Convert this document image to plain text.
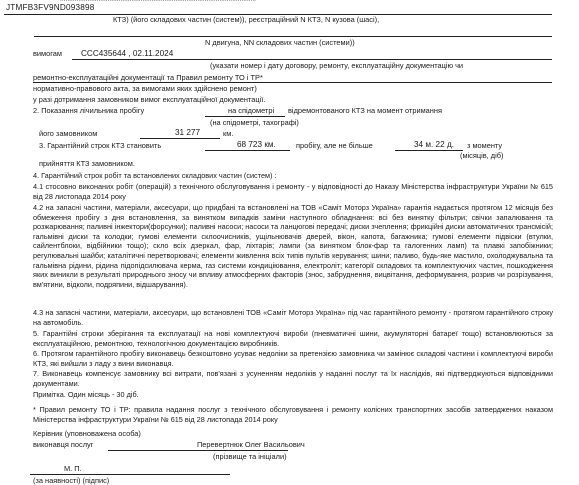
JTMFB3FV9ND093898
КТЗ) (його складових частин (систем)), реєстраційний N КТЗ, N кузова (шасі),
N двигуна, NN складових частин (системи))
вимогам CCC435644 , 02.11.2024
(указати номер і дату договору, ремонту, експлуатаційну документацію чи
ремонтно-експлуатаційні документації та Правил ремонту ТО і ТР*
нормативно-правового акта, за вимогами яких здійснено ремонт)
у разі дотримання замовником вимог експлуатаційної документації.
2. Показання лічильника пробігу	на спідометрі відремонтованого КТЗ на момент отримання
(на спідометрі, тахографі)
його замовником	31 277	км.
3. Гарантійний строк КТЗ становить	68 723 км.	пробігу, але не більше	34 м. 22 д. з моменту
(місяців, діб)
прийняття КТЗ замовником.
4. Гарантійний строк робіт та встановлених складових частин (систем) :
4.1 стосовно виконаних робіт (операцій) з технічного обслуговування і ремонту - у відповідності до Наказу Міністерства інфраструктури України № 615 від 28 листопада 2014 року
4.2 на запасні частини, матеріали, аксесуари, що придбані та встановлені на ТОВ «Саміт Моторз Україна» гарантія надається протягом 12 місяців без обмеження пробігу з дня встановлення, за винятком випадків заміни наступного обладнання: всі без винятку фільтри; свічки запалювання та розжарювання; паливні інжектори(форсунки); паливні насоси; насоси та ланцюгові передачі; диски зчеплення; фрикційні диски автоматичних трансмісій; гальмівні диски та колодки; гумові елементи склоочисників, ущільнювачів дверей, вікон, капота, багажника; гумові елементи підвіски (втулки, сайлентблоки, відбійники тощо); скло всіх дзеркал, фар, ліхтарів; лампи (за винятком блок-фар та галогенних ламп) та плавкі запобіжники; регулювальні шайби; каталітичні перетворювачі; елементи живлення всіх типів пультів керування; шини; паливо, будь-яке мастило, охолоджувальна та гальмівна рідини, рідина підопідсилювача керма, газ системи кондиціювання, електроліт; категорії складових та комплектуючих частин, пошкодження яких виникли в результаті природнього зносу чи впливу атмосферних факторів (знос, забруднення, вицвітання, деформування, розрив чи розрізування, вм'ятини, відколи, подряпини, відшарування).
4.3 на запасні частини, матеріали, аксесуари, що встановлені ТОВ «Саміт Моторз Україна» під час гарантійного ремонту - протягом гарантійного строку на автомобіль.
5. Гарантійні строки зберігання та експлуатації на нові комплектуючі вироби (пневматичні шини, акумуляторні батареї тощо) встановлюються за експлуатаційною, ремонтною, технологічною документацією виробників.
6. Протягом гарантійного пробігу виконавець безкоштовно усуває недоліки за претензією замовника чи замінює складові частини і комплектуючі вироби КТЗ, які вийшли з ладу з вини виконавця.
7. Виконавець компенсує замовнику всі витрати, пов'язані з усуненням недоліків у наданні послуг та їх наслідків, які підтверджуються відповідними документами.
Примітка. Один місяць - 30 діб.
* Правил ремонту ТО і ТР: правила надання послуг з технічного обслуговування і ремонту колісних транспортних засобів затверджених наказом Міністерства інфраструктури України № 615 від 28 листопада 2014 року
Керівник (уповноважена особа)
виконавця послуг	Перевертнюк Олег Васильович
(прізвище та ініціали)
М. П.
(за наявності) (підпис)
